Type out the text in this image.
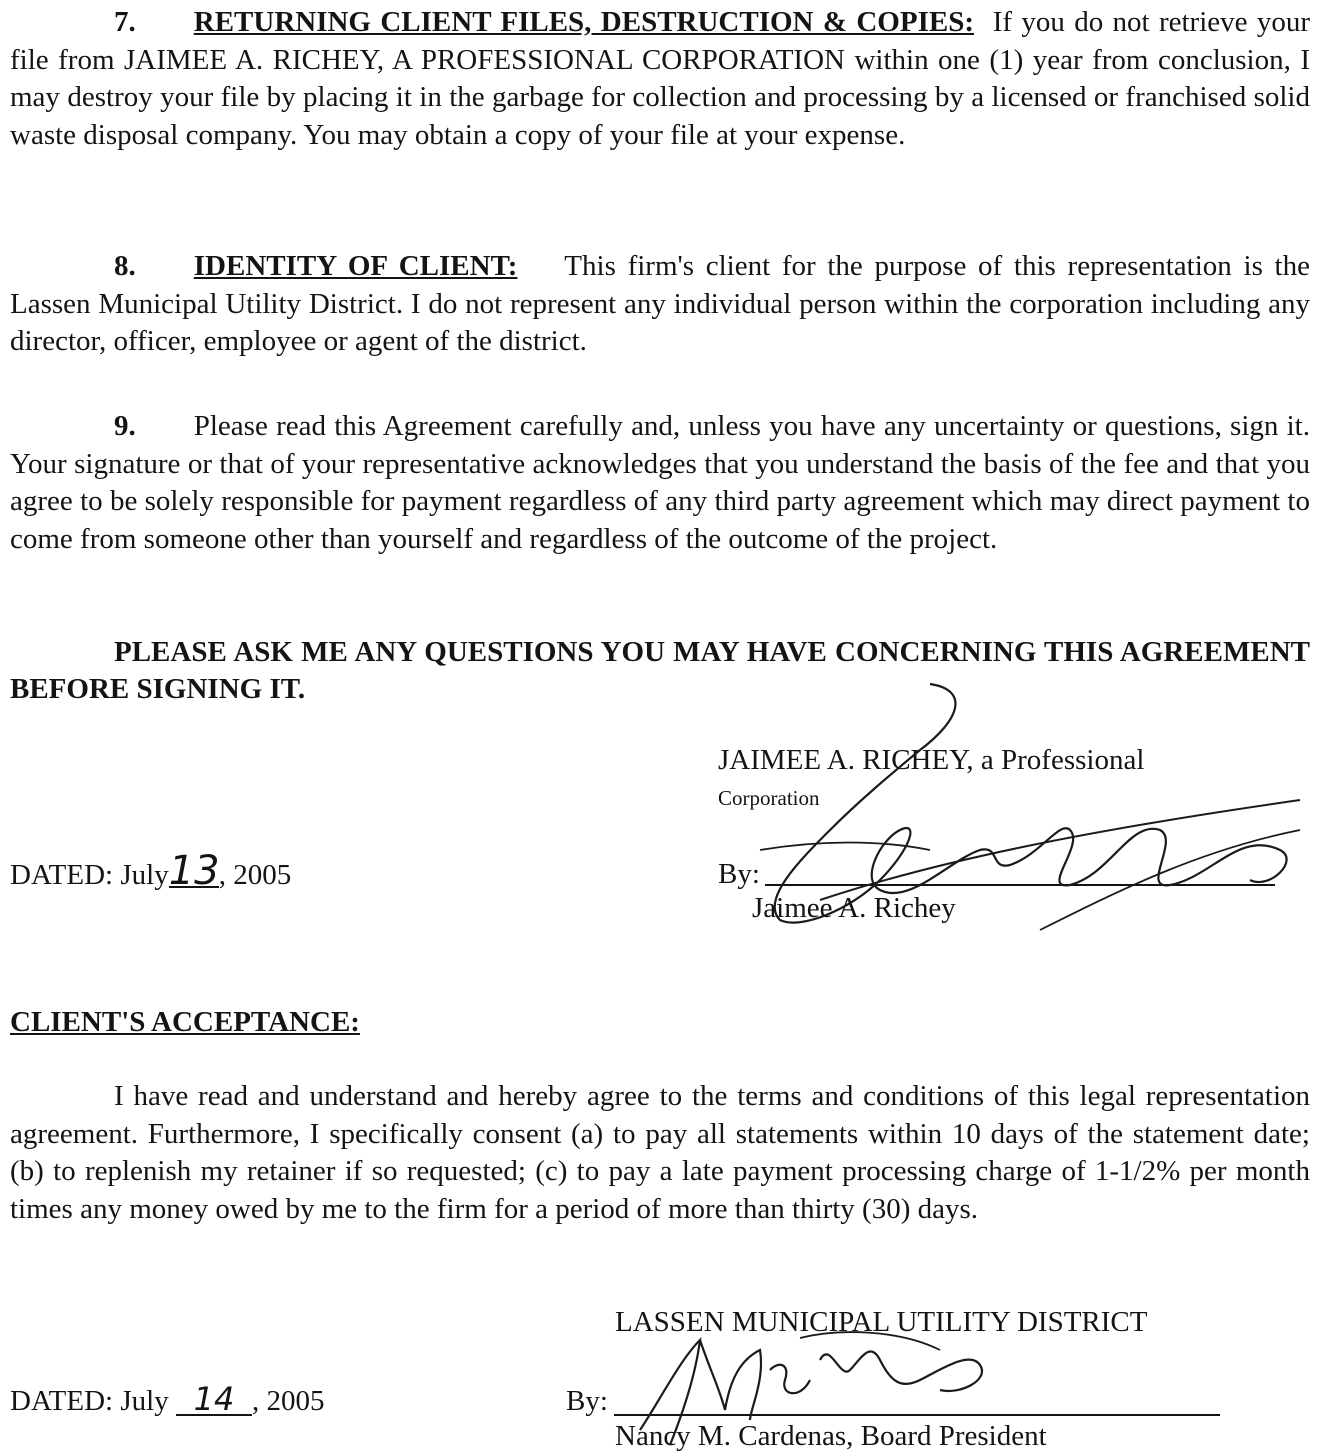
7. RETURNING CLIENT FILES, DESTRUCTION & COPIES: If you do not retrieve your file from JAIMEE A. RICHEY, A PROFESSIONAL CORPORATION within one (1) year from conclusion, I may destroy your file by placing it in the garbage for collection and processing by a licensed or franchised solid waste disposal company. You may obtain a copy of your file at your expense.
8. IDENTITY OF CLIENT: This firm's client for the purpose of this representation is the Lassen Municipal Utility District. I do not represent any individual person within the corporation including any director, officer, employee or agent of the district.
9. Please read this Agreement carefully and, unless you have any uncertainty or questions, sign it. Your signature or that of your representative acknowledges that you understand the basis of the fee and that you agree to be solely responsible for payment regardless of any third party agreement which may direct payment to come from someone other than yourself and regardless of the outcome of the project.
PLEASE ASK ME ANY QUESTIONS YOU MAY HAVE CONCERNING THIS AGREEMENT BEFORE SIGNING IT.
JAIMEE A. RICHEY, a Professional
Corporation
By:
Jaimee A. Richey
DATED: July13, 2005
CLIENT'S ACCEPTANCE:
I have read and understand and hereby agree to the terms and conditions of this legal representation agreement. Furthermore, I specifically consent (a) to pay all statements within 10 days of the statement date; (b) to replenish my retainer if so requested; (c) to pay a late payment processing charge of 1-1/2% per month times any money owed by me to the firm for a period of more than thirty (30) days.
LASSEN MUNICIPAL UTILITY DISTRICT
By:
Nancy M. Cardenas, Board President
DATED: July 14 , 2005
